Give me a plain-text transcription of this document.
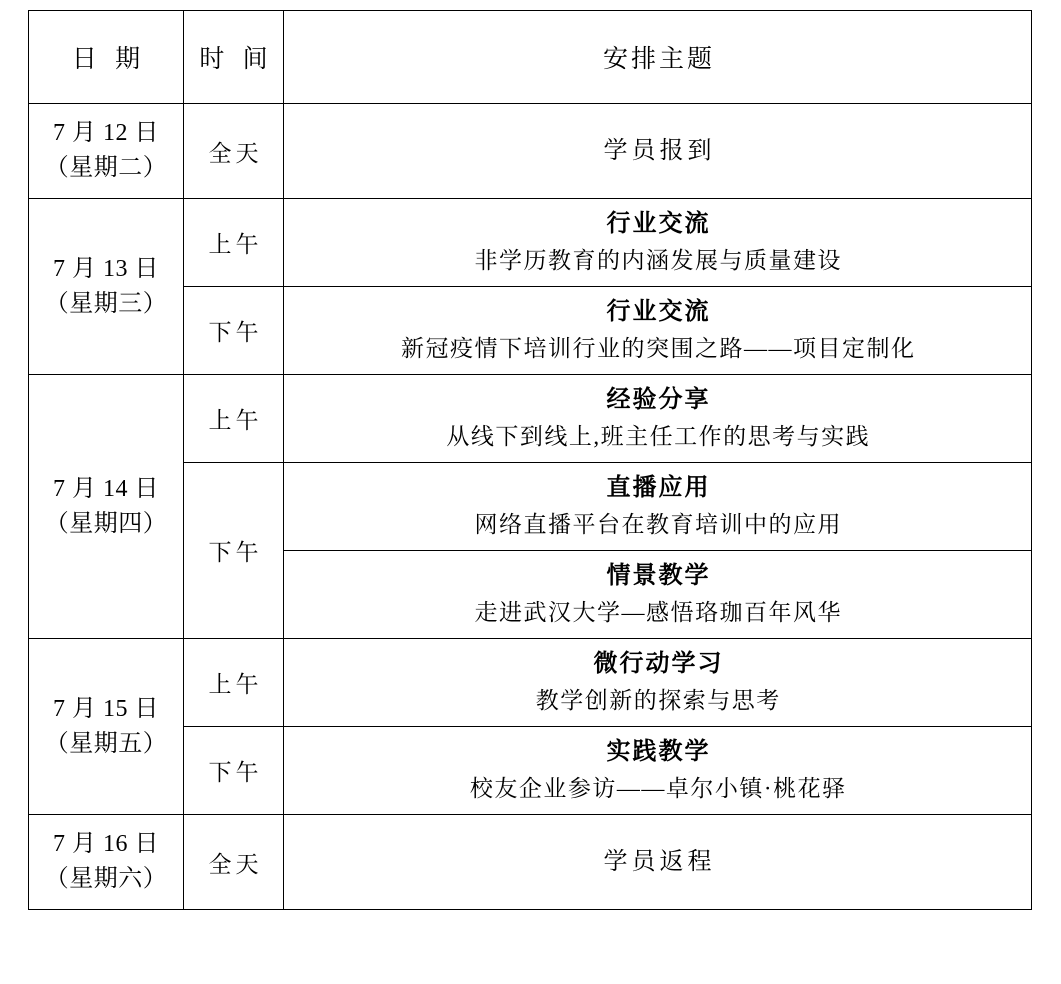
日 期	时 间	安排主题

7 月 12 日
（星期二）	全天	学员报到

7 月 13 日
（星期三）	上午	行业交流
非学历教育的内涵发展与质量建设

	下午	行业交流
新冠疫情下培训行业的突围之路——项目定制化

7 月 14 日
（星期四）	上午	经验分享
从线下到线上,班主任工作的思考与实践

	下午	直播应用
网络直播平台在教育培训中的应用

		情景教学
走进武汉大学—感悟珞珈百年风华

7 月 15 日
（星期五）	上午	微行动学习
教学创新的探索与思考

	下午	实践教学
校友企业参访——卓尔小镇·桃花驿

7 月 16 日
（星期六）	全天	学员返程
